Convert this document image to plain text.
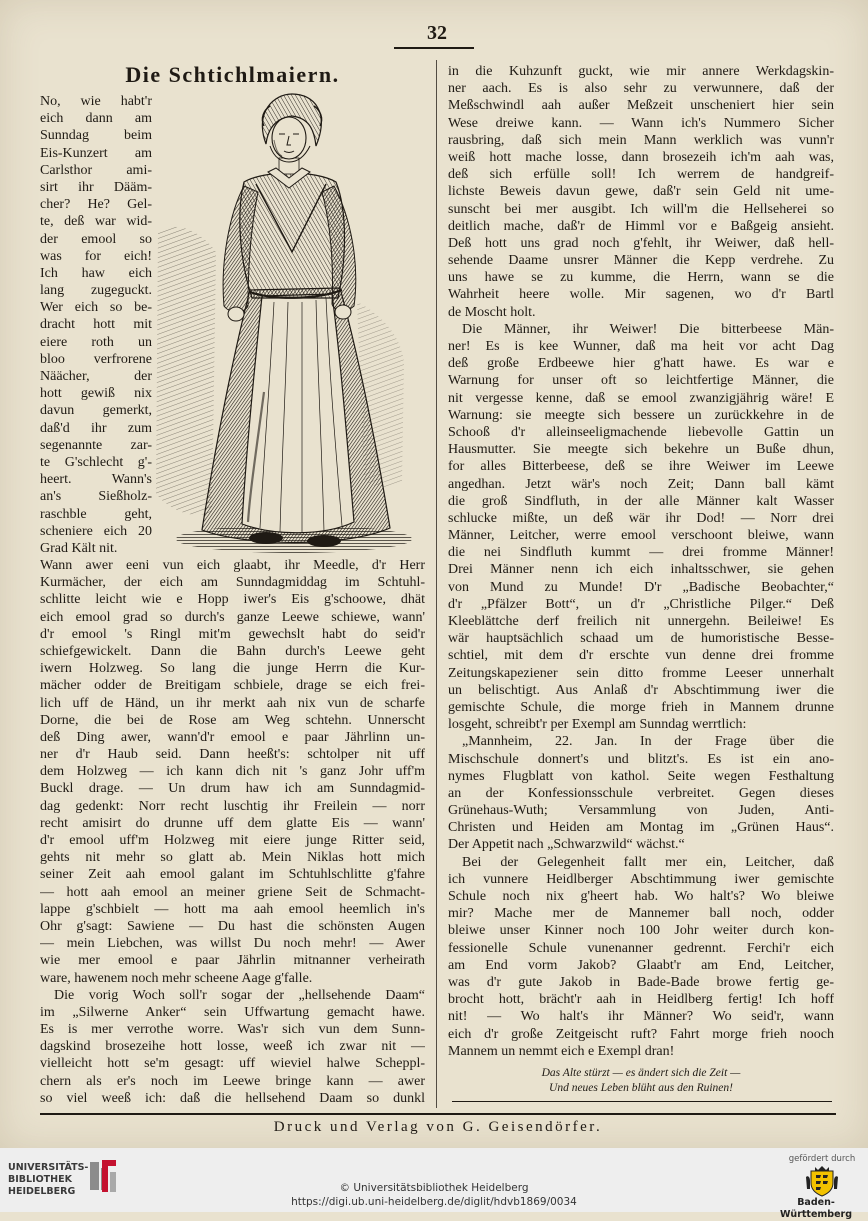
32
Die Schtichlmaiern.
No, wie habt'r
eich dann am
Sunndag beim
Eis-Kunzert am
Carlsthor ami-
sirt ihr Dääm-
cher? He? Gel-
te, deß war wid-
der emool so
was for eich!
Ich haw eich
lang zugeguckt.
Wer eich so be-
dracht hott mit
eiere roth un
bloo verfrorene
Näächer, der
hott gewiß nix
davun gemerkt,
daß'd ihr zum
segenannte zar-
te G'schlecht g'-
heert. Wann's
an's Sießholz-
raschble geht,
scheniere eich 20
Grad Kält nit.
Wann awer eeni vun eich glaabt, ihr Meedle, d'r Herr
Kurmächer, der eich am Sunndagmiddag im Schtuhl-
schlitte leicht wie e Hopp iwer's Eis g'schoowe, dhät
eich emool grad so durch's ganze Leewe schiewe, wann'
d'r emool 's Ringl mit'm gewechslt habt do seid'r
schiefgewickelt. Dann die Bahn durch's Leewe geht
iwern Holzweg. So lang die junge Herrn die Kur-
mächer odder de Breitigam schbiele, drage se eich frei-
lich uff de Händ, un ihr merkt aah nix vun de scharfe
Dorne, die bei de Rose am Weg schtehn. Unnerscht
deß Ding awer, wann'd'r emool e paar Jährlinn un-
ner d'r Haub seid. Dann heeßt's: schtolper nit uff
dem Holzweg — ich kann dich nit 's ganz Johr uff'm
Buckl drage. — Un drum haw ich am Sunndagmid-
dag gedenkt: Norr recht luschtig ihr Freilein — norr
recht amisirt do drunne uff dem glatte Eis — wann'
d'r emool uff'm Holzweg mit eiere junge Ritter seid,
gehts nit mehr so glatt ab. Mein Niklas hott mich
seiner Zeit aah emool galant im Schtuhlschlitte g'fahre
— hott aah emool an meiner griene Seit de Schmacht-
lappe g'schbielt — hott ma aah emool heemlich in's
Ohr g'sagt: Sawiene — Du hast die schönsten Augen
— mein Liebchen, was willst Du noch mehr! — Awer
wie mer emool e paar Jährlin mitnanner verheirath
ware, hawenem noch mehr scheene Aage g'falle.
Die vorig Woch soll'r sogar der „hellsehende Daam“
im „Silwerne Anker“ sein Uffwartung gemacht hawe.
Es is mer verrothe worre. Was'r sich vun dem Sunn-
dagskind brosezeihe hott losse, weeß ich zwar nit —
vielleicht hott se'm gesagt: uff wieviel halwe Scheppl-
chern als er's noch im Leewe bringe kann — awer
so viel weeß ich: daß die hellsehend Daam so dunkl
in die Kuhzunft guckt, wie mir annere Werkdagskin-
ner aach. Es is also sehr zu verwunnere, daß der
Meßschwindl aah außer Meßzeit unscheniert hier sein
Wese dreiwe kann. — Wann ich's Nummero Sicher
rausbring, daß sich mein Mann werklich was vunn'r
weiß hott mache losse, dann brosezeih ich'm aah was,
deß sich erfülle soll! Ich werrem de handgreif-
lichste Beweis davun gewe, daß'r sein Geld nit ume-
sunscht bei mer ausgibt. Ich will'm die Hellseherei so
deitlich mache, daß'r de Himml vor e Baßgeig ansieht.
Deß hott uns grad noch g'fehlt, ihr Weiwer, daß hell-
sehende Daame unsrer Männer die Kepp verdrehe. Zu
uns hawe se zu kumme, die Herrn, wann se die
Wahrheit heere wolle. Mir sagenen, wo d'r Bartl
de Moscht holt.
Die Männer, ihr Weiwer! Die bitterbeese Män-
ner! Es is kee Wunner, daß ma heit vor acht Dag
deß große Erdbeewe hier g'hatt hawe. Es war e
Warnung for unser oft so leichtfertige Männer, die
nit vergesse kenne, daß se emool zwanzigjährig wäre! E
Warnung: sie meegte sich bessere un zurückkehre in de
Schooß d'r alleinseeligmachende liebevolle Gattin un
Hausmutter. Sie meegte sich bekehre un Buße dhun,
for alles Bitterbeese, deß se ihre Weiwer im Leewe
angedhan. Jetzt wär's noch Zeit; Dann ball kämt
die groß Sindfluth, in der alle Männer kalt Wasser
schlucke mißte, un deß wär ihr Dod! — Norr drei
Männer, Leitcher, werre emool verschoont bleiwe, wann
die nei Sindfluth kummt — drei fromme Männer!
Drei Männer nenn ich eich inhaltsschwer, sie gehen
von Mund zu Munde! D'r „Badische Beobachter,“
d'r „Pfälzer Bott“, un d'r „Christliche Pilger.“ Deß
Kleeblättche derf freilich nit unnergehn. Beileiwe! Es
wär hauptsächlich schaad um de humoristische Besse-
schtiel, mit dem d'r erschte vun denne drei fromme
Zeitungskapeziener sein ditto fromme Leeser unnerhalt
un belischtigt. Aus Anlaß d'r Abschtimmung iwer die
gemischte Schule, die morge frieh in Mannem drunne
losgeht, schreibt'r per Exempl am Sunndag werrtlich:
„Mannheim, 22. Jan. In der Frage über die
Mischschule donnert's und blitzt's. Es ist ein ano-
nymes Flugblatt von kathol. Seite wegen Festhaltung
an der Konfessionsschule verbreitet. Gegen dieses
Grünehaus-Wuth; Versammlung von Juden, Anti-
Christen und Heiden am Montag im „Grünen Haus“.
Der Appetit nach „Schwarzwild“ wächst.“
Bei der Gelegenheit fallt mer ein, Leitcher, daß
ich vunnere Heidlberger Abschtimmung iwer gemischte
Schule noch nix g'heert hab. Wo halt's? Wo bleiwe
mir? Mache mer de Mannemer ball noch, odder
bleiwe unser Kinner noch 100 Johr weiter durch kon-
fessionelle Schule vunenanner gedrennt. Ferchi'r eich
am End vorm Jakob? Glaabt'r am End, Leitcher,
was d'r gute Jakob in Bade-Bade browe fertig ge-
brocht hott, brächt'r aah in Heidlberg fertig! Ich hoff
nit! — Wo halt's ihr Männer? Wo seid'r, wann
eich d'r große Zeitgeischt ruft? Fahrt morge frieh nooch
Mannem un nemmt eich e Exempl dran!
Das Alte stürzt — es ändert sich die Zeit —
Und neues Leben blüht aus den Ruinen!
Druck und Verlag von G. Geisendörfer.
UNIVERSITÄTS-
BIBLIOTHEK
HEIDELBERG	© Universitätsbibliothek Heidelberg
https://digi.ub.uni-heidelberg.de/diglit/hdvb1869/0034
gefördert durch
Baden-Württemberg
